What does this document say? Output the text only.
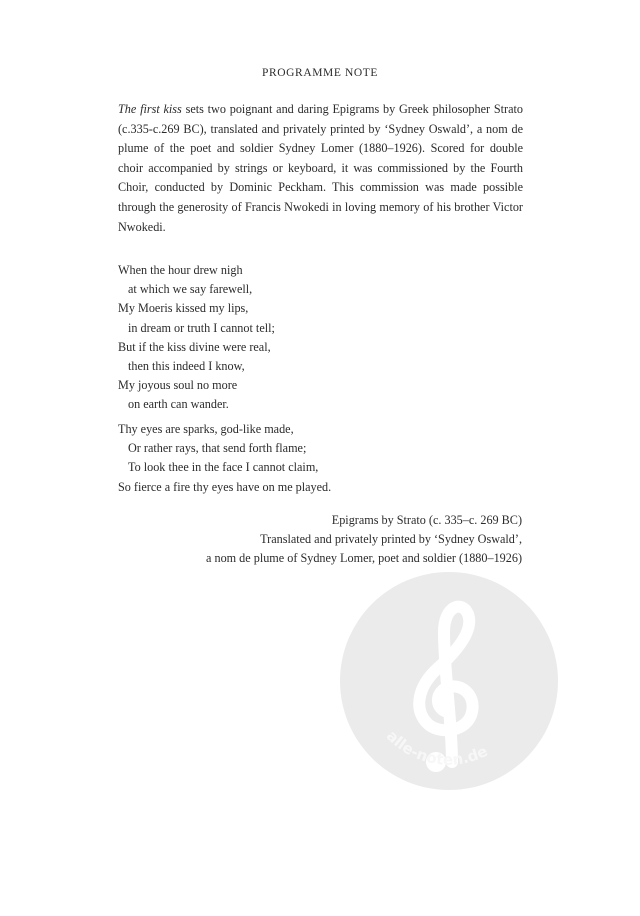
PROGRAMME NOTE

The first kiss sets two poignant and daring Epigrams by Greek philosopher Strato (c.335-c.269 BC), translated and privately printed by ‘Sydney Oswald’, a nom de plume of the poet and soldier Sydney Lomer (1880–1926). Scored for double choir accompanied by strings or keyboard, it was commissioned by the Fourth Choir, conducted by Dominic Peckham. This commission was made possible through the generosity of Francis Nwokedi in loving memory of his brother Victor Nwokedi.

When the hour drew nigh
at which we say farewell,
My Moeris kissed my lips,
in dream or truth I cannot tell;
But if the kiss divine were real,
then this indeed I know,
My joyous soul no more
on earth can wander.
Thy eyes are sparks, god-like made,
Or rather rays, that send forth flame;
To look thee in the face I cannot claim,
So fierce a fire thy eyes have on me played.
Epigrams by Strato (c. 335–c. 269 BC)
Translated and privately printed by ‘Sydney Oswald’,
a nom de plume of Sydney Lomer, poet and soldier (1880–1926)
alle-noten.de
